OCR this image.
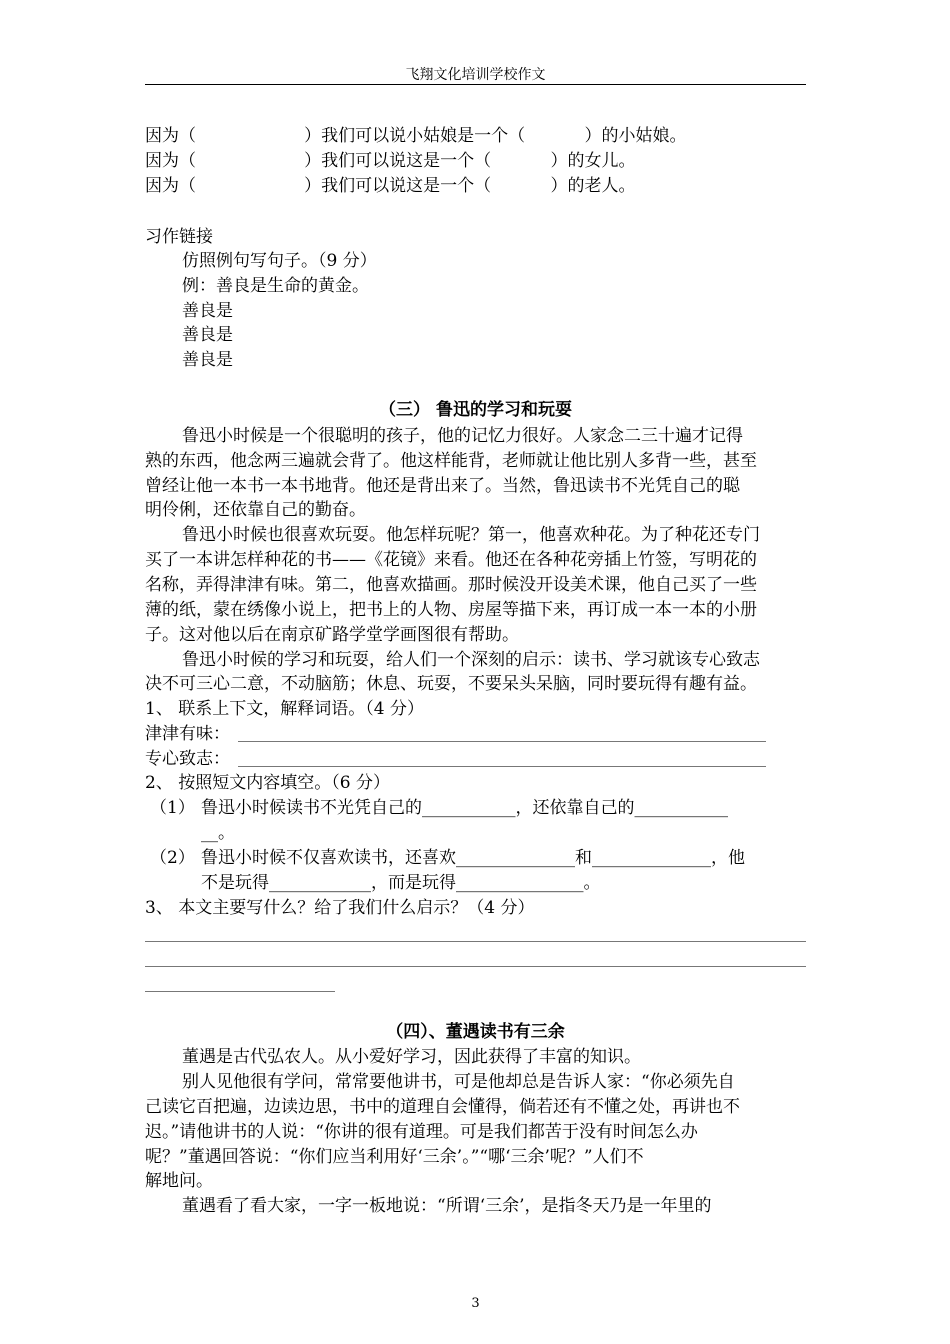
飞翔文化培训学校作文
因为（                    ）我们可以说小姑娘是一个（           ）的小姑娘。
因为（                    ）我们可以说这是一个（           ）的女儿。
因为（                    ）我们可以说这是一个（           ）的老人。
习作链接
仿照例句写句子。（9 分）
例：善良是生命的黄金。
善良是
善良是
善良是
（三） 鲁迅的学习和玩耍
鲁迅小时候是一个很聪明的孩子，他的记忆力很好。人家念二三十遍才记得
熟的东西，他念两三遍就会背了。他这样能背，老师就让他比别人多背一些，甚至
曾经让他一本书一本书地背。他还是背出来了。当然，鲁迅读书不光凭自己的聪
明伶俐，还依靠自己的勤奋。
鲁迅小时候也很喜欢玩耍。他怎样玩呢？第一，他喜欢种花。为了种花还专门
买了一本讲怎样种花的书——《花镜》来看。他还在各种花旁插上竹签，写明花的
名称，弄得津津有味。第二，他喜欢描画。那时候没开设美术课，他自己买了一些
薄的纸，蒙在绣像小说上，把书上的人物、房屋等描下来，再订成一本一本的小册
子。这对他以后在南京矿路学堂学画图很有帮助。
鲁迅小时候的学习和玩耍，给人们一个深刻的启示：读书、学习就该专心致志
决不可三心二意，不动脑筋；休息、玩耍，不要呆头呆脑，同时要玩得有趣有益。
1、 联系上下文，解释词语。（4 分）
津津有味：
专心致志：
2、 按照短文内容填空。（6 分）
（1） 鲁迅小时候读书不光凭自己的___________，还依靠自己的___________
__。
（2） 鲁迅小时候不仅喜欢读书，还喜欢______________和______________，他
不是玩得____________，而是玩得_______________。
3、 本文主要写什么？给了我们什么启示？（4 分）
（四）、董遇读书有三余
董遇是古代弘农人。从小爱好学习，因此获得了丰富的知识。
别人见他很有学问，常常要他讲书，可是他却总是告诉人家：“你必须先自
己读它百把遍，边读边思，书中的道理自会懂得，倘若还有不懂之处，再讲也不
迟。”请他讲书的人说：“你讲的很有道理。可是我们都苦于没有时间怎么办
呢？”董遇回答说：“你们应当利用好‘三余’。”“哪‘三余’呢？”人们不
解地问。
董遇看了看大家，一字一板地说：“所谓‘三余’，是指冬天乃是一年里的
3
